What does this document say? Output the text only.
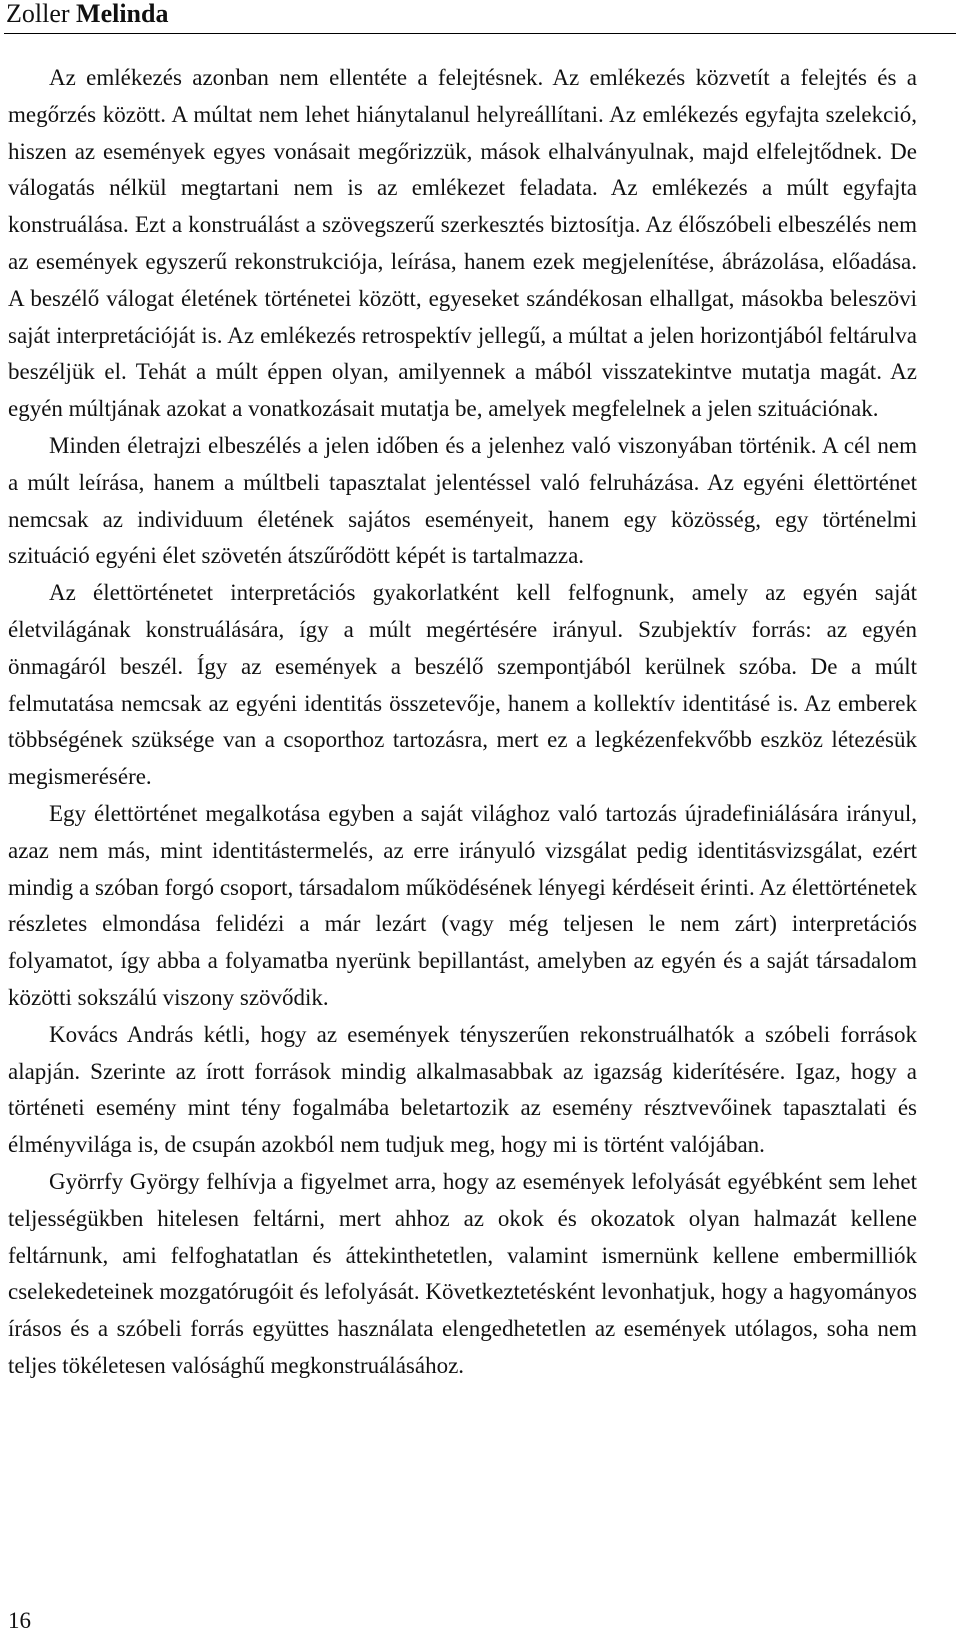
Zoller Melinda

Az emlékezés azonban nem ellentéte a felejtésnek. Az emlékezés közvetít a felejtés és a megőrzés között. A múltat nem lehet hiánytalanul helyreállítani. Az emlékezés egyfajta szelekció, hiszen az események egyes vonásait megőrizzük, mások elhalványulnak, majd elfelejtődnek. De válogatás nélkül megtartani nem is az emlékezet feladata. Az emlékezés a múlt egyfajta konstruálása. Ezt a konstruálást a szövegszerű szerkesztés biztosítja. Az élőszóbeli elbeszélés nem az események egyszerű rekonstrukciója, leírása, hanem ezek megjelenítése, ábrázolása, előadása. A beszélő válogat életének történetei között, egyeseket szándékosan elhallgat, másokba beleszövi saját interpretációját is. Az emlékezés retrospektív jellegű, a múltat a jelen horizontjából feltárulva beszéljük el. Tehát a múlt éppen olyan, amilyennek a mából visszatekintve mutatja magát. Az egyén múltjának azokat a vonatkozásait mutatja be, amelyek megfelelnek a jelen szituációnak.

Minden életrajzi elbeszélés a jelen időben és a jelenhez való viszonyában történik. A cél nem a múlt leírása, hanem a múltbeli tapasztalat jelentéssel való felruházása. Az egyéni élettörténet nemcsak az individuum életének sajátos eseményeit, hanem egy közösség, egy történelmi szituáció egyéni élet szövetén átszűrődött képét is tartalmazza.

Az élettörténetet interpretációs gyakorlatként kell felfognunk, amely az egyén saját életvilágának konstruálására, így a múlt megértésére irányul. Szubjektív forrás: az egyén önmagáról beszél. Így az események a beszélő szempontjából kerülnek szóba. De a múlt felmutatása nemcsak az egyéni identitás összetevője, hanem a kollektív identitásé is. Az emberek többségének szüksége van a csoporthoz tartozásra, mert ez a legkézenfekvőbb eszköz létezésük megismerésére.

Egy élettörténet megalkotása egyben a saját világhoz való tartozás újradefiniálására irányul, azaz nem más, mint identitástermelés, az erre irányuló vizsgálat pedig identitásvizsgálat, ezért mindig a szóban forgó csoport, társadalom működésének lényegi kérdéseit érinti. Az élettörténetek részletes elmondása felidézi a már lezárt (vagy még teljesen le nem zárt) interpretációs folyamatot, így abba a folyamatba nyerünk bepillantást, amelyben az egyén és a saját társadalom közötti sokszálú viszony szövődik.

Kovács András kétli, hogy az események tényszerűen rekonstruálhatók a szóbeli források alapján. Szerinte az írott források mindig alkalmasabbak az igazság kiderítésére. Igaz, hogy a történeti esemény mint tény fogalmába beletartozik az esemény résztvevőinek tapasztalati és élményvilága is, de csupán azokból nem tudjuk meg, hogy mi is történt valójában.

Györrfy György felhívja a figyelmet arra, hogy az események lefolyását egyébként sem lehet teljességükben hitelesen feltárni, mert ahhoz az okok és okozatok olyan halmazát kellene feltárnunk, ami felfoghatatlan és áttekinthetetlen, valamint ismernünk kellene embermilliók cselekedeteinek mozgatórugóit és lefolyását. Következtetésként levonhatjuk, hogy a hagyományos írásos és a szóbeli forrás együttes használata elengedhetetlen az események utólagos, soha nem teljes tökéletesen valósághű megkonstruálásához.

16
